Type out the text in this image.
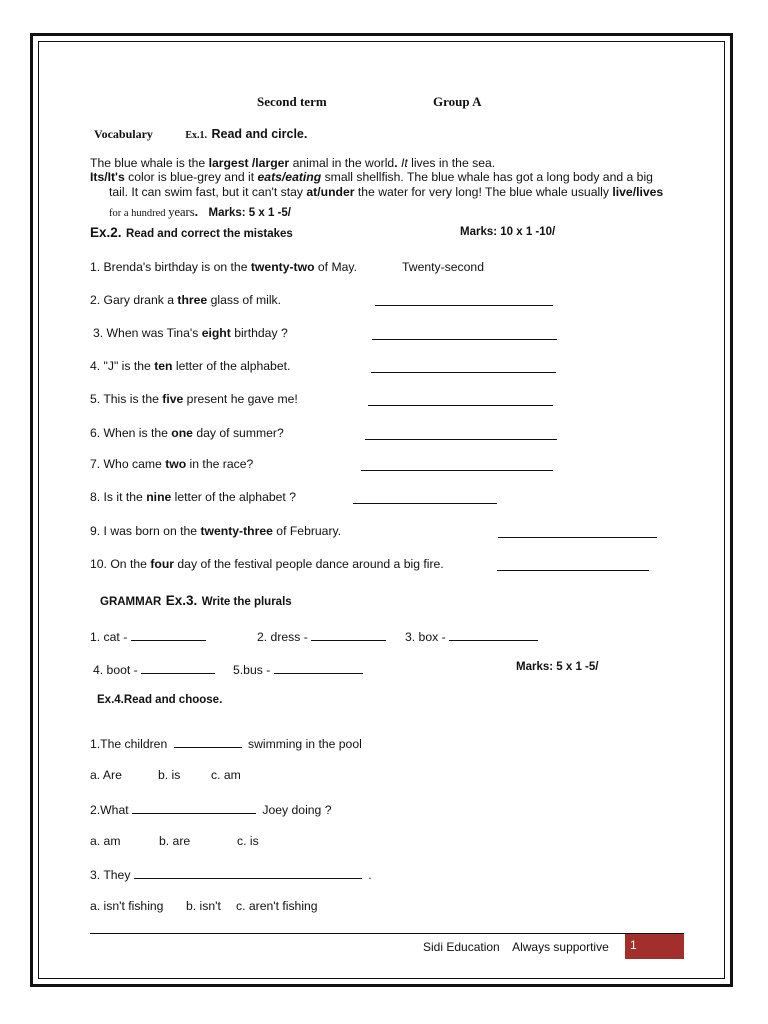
Second term	Group A
Vocabulary	Ex.1. Read and circle.
The blue whale is the largest /larger animal in the world. It lives in the sea.
Its/It's color is blue-grey and it eats/eating small shellfish. The blue whale has got a long body and a big
tail. It can swim fast, but it can't stay at/under the water for very long! The blue whale usually live/lives
for a hundred years. Marks: 5 x 1 -5/
Ex.2. Read and correct the mistakes	Marks: 10 x 1 -10/
1. Brenda's birthday is on the twenty-two of May.	Twenty-second
2. Gary drank a three glass of milk.
3. When was Tina's eight birthday ?
4. "J" is the ten letter of the alphabet.
5. This is the five present he gave me!
6. When is the one day of summer?
7. Who came two in the race?
8. Is it the nine letter of the alphabet ?
9. I was born on the twenty-three of February.
10. On the four day of the festival people dance around a big fire.
GRAMMAR Ex.3. Write the plurals
1. cat -	2. dress -	3. box -
4. boot -	5.bus -	Marks: 5 x 1 -5/
Ex.4.Read and choose.
1.The children	swimming in the pool
a. Are	b. is	c. am
2.What	Joey doing ?
a. am	b. are	c. is
3. They	.
a. isn't fishing b. isn't c. aren't fishing
Sidi Education Always supportive 1
